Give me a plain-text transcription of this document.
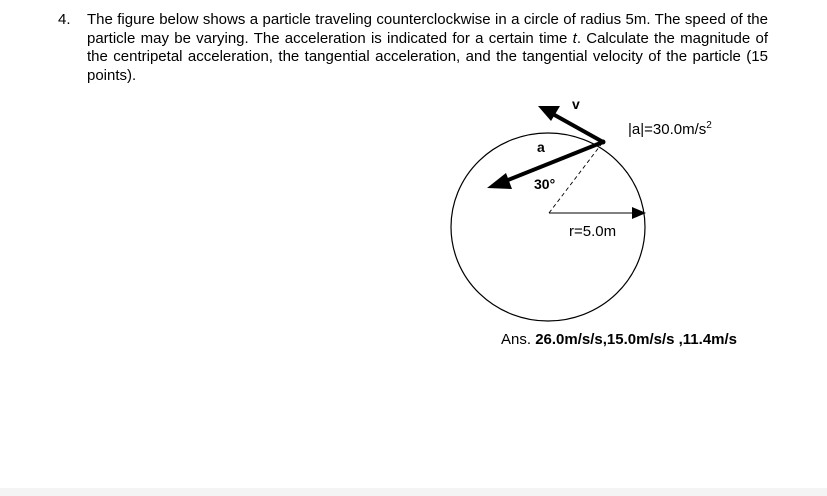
4. The figure below shows a particle traveling counterclockwise in a circle of radius 5m. The speed of the particle may be varying. The acceleration is indicated for a certain time t. Calculate the magnitude of the centripetal acceleration, the tangential acceleration, and the tangential velocity of the particle (15 points).
v
a
30°
$|a|=30.0m/s^2$
r=5.0m
Ans. 26.0m/s/s,15.0m/s/s ,11.4m/s
